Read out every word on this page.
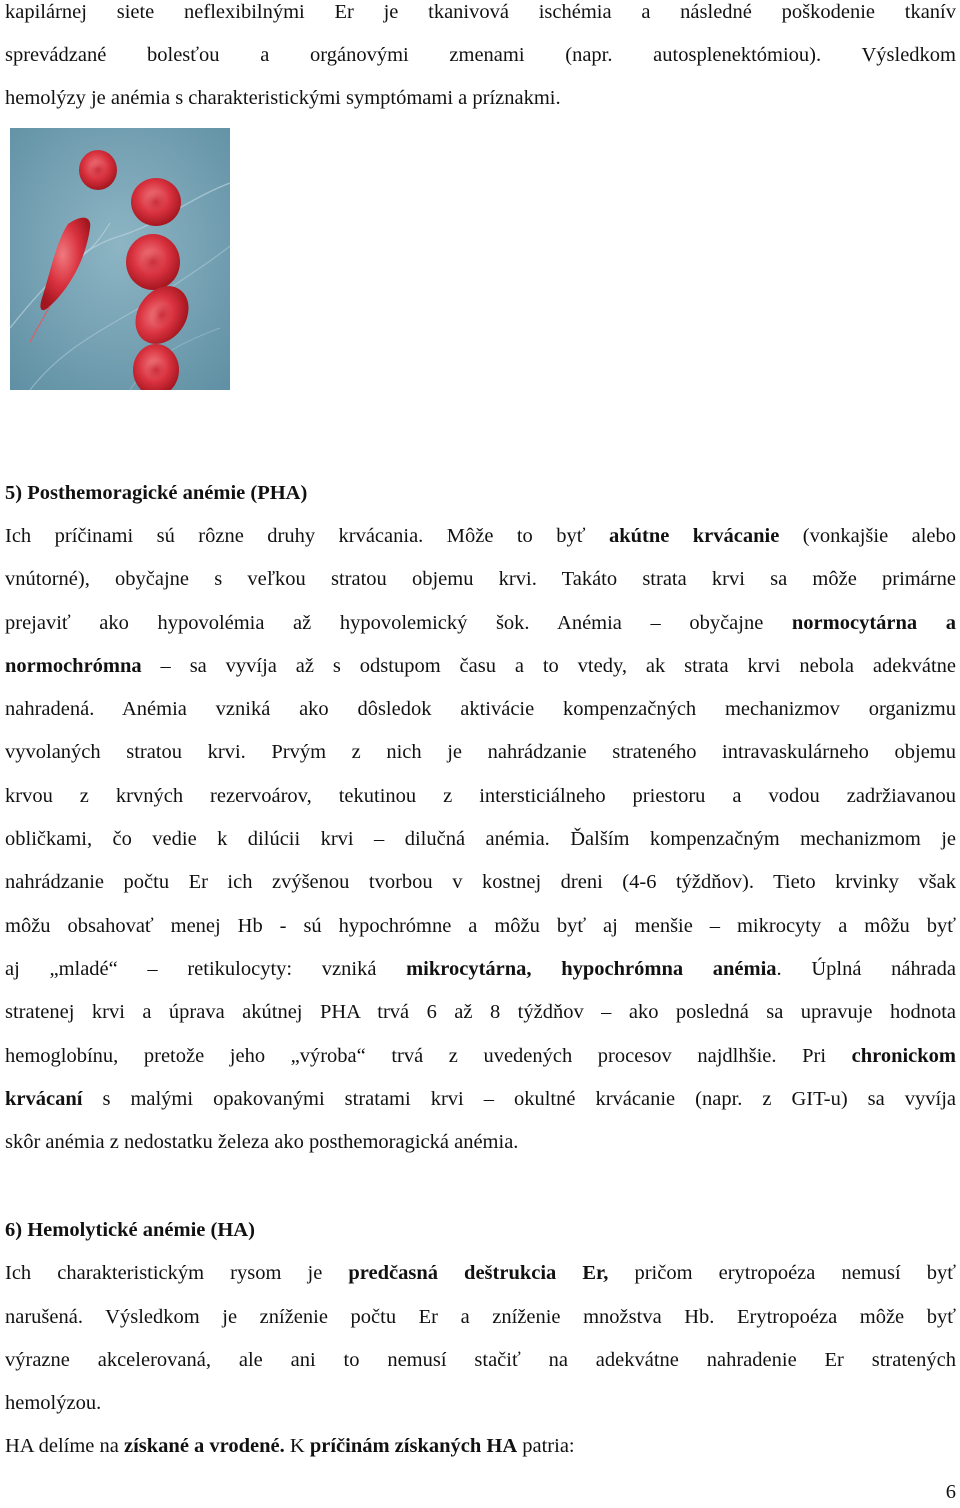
kapilárnej siete neflexibilnými Er je tkanivová ischémia a následné poškodenie tkanív

sprevádzané bolesťou a orgánovými zmenami (napr. autosplenektómiou). Výsledkom

hemolýzy je anémia s charakteristickými symptómami a príznakmi.

5) Posthemoragické anémie (PHA)

Ich príčinami sú rôzne druhy krvácania. Môže to byť akútne krvácanie (vonkajšie alebo

vnútorné), obyčajne s veľkou stratou objemu krvi. Takáto strata krvi sa môže primárne

prejaviť ako hypovolémia až hypovolemický šok. Anémia – obyčajne normocytárna a

normochrómna – sa vyvíja až s odstupom času a to vtedy, ak strata krvi nebola adekvátne

nahradená. Anémia vzniká ako dôsledok aktivácie kompenzačných mechanizmov organizmu

vyvolaných stratou krvi. Prvým z nich je nahrádzanie strateného intravaskulárneho objemu

krvou z krvných rezervoárov, tekutinou z intersticiálneho priestoru a vodou zadržiavanou

obličkami, čo vedie k dilúcii krvi – dilučná anémia. Ďalším kompenzačným mechanizmom je

nahrádzanie počtu Er ich zvýšenou tvorbou v kostnej dreni (4-6 týždňov). Tieto krvinky však

môžu obsahovať menej Hb - sú hypochrómne a môžu byť aj menšie – mikrocyty a môžu byť

aj „mladé“ – retikulocyty: vzniká mikrocytárna, hypochrómna anémia. Úplná náhrada

stratenej krvi a úprava akútnej PHA trvá 6 až 8 týždňov – ako posledná sa upravuje hodnota

hemoglobínu, pretože jeho „výroba“ trvá z uvedených procesov najdlhšie. Pri chronickom

krvácaní s malými opakovanými stratami krvi – okultné krvácanie (napr. z GIT-u) sa vyvíja

skôr anémia z nedostatku železa ako posthemoragická anémia.

6) Hemolytické anémie (HA)

Ich charakteristickým rysom je predčasná deštrukcia Er, pričom erytropoéza nemusí byť

narušená. Výsledkom je zníženie počtu Er a zníženie množstva Hb. Erytropoéza môže byť

výrazne akcelerovaná, ale ani to nemusí stačiť na adekvátne nahradenie Er stratených

hemolýzou.

HA delíme na získané a vrodené. K príčinám získaných HA patria:

6
